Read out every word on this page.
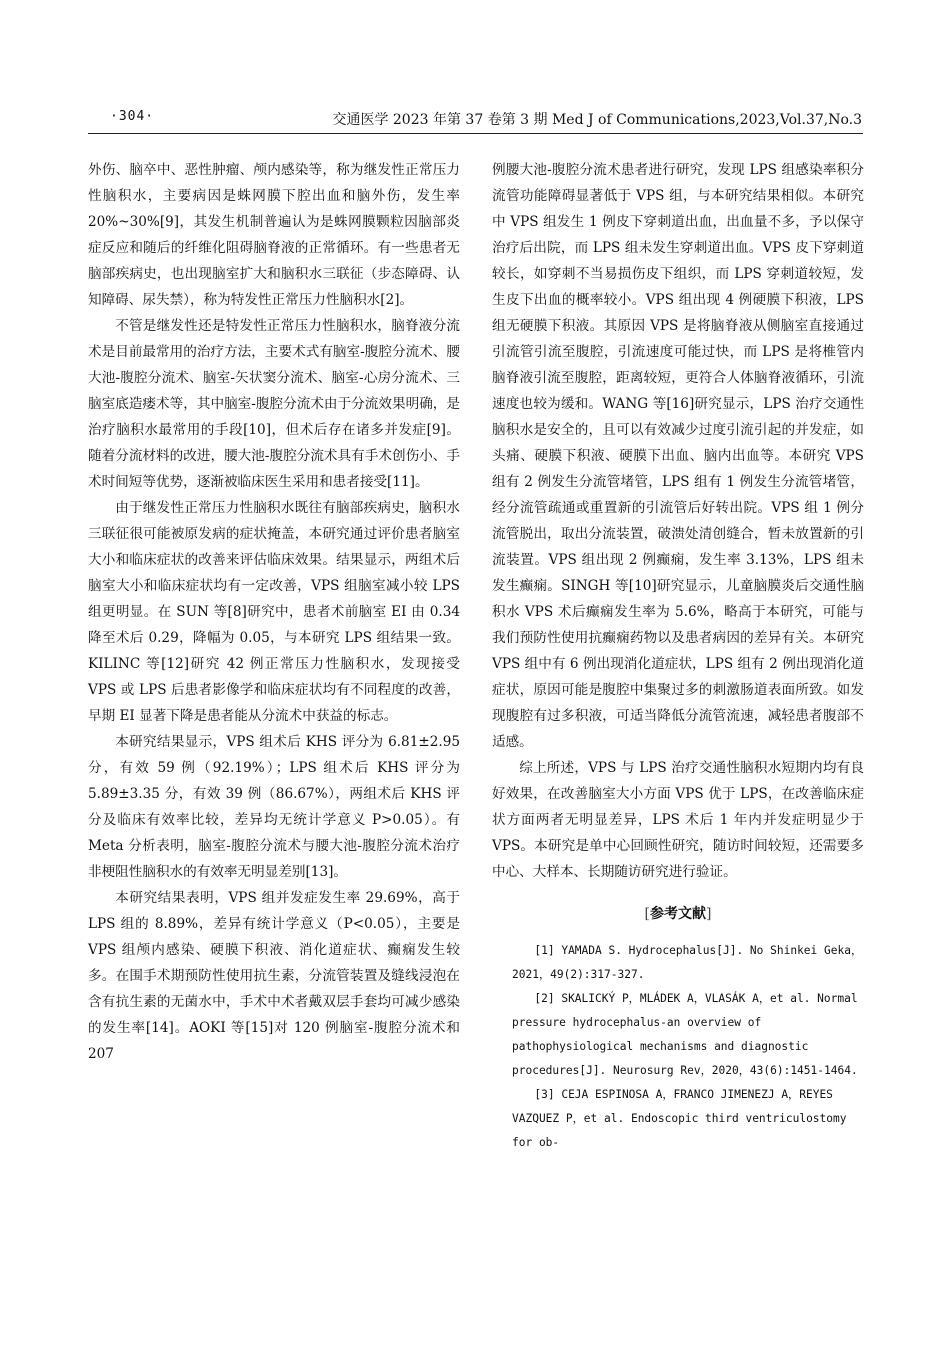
·304·	交通医学 2023 年第 37 卷第 3 期 Med J of Communications,2023,Vol.37,No.3

外伤、脑卒中、恶性肿瘤、颅内感染等，称为继发性正常压力性脑积水，主要病因是蛛网膜下腔出血和脑外伤，发生率 20%~30%[9]，其发生机制普遍认为是蛛网膜颗粒因脑部炎症反应和随后的纤维化阻碍脑脊液的正常循环。有一些患者无脑部疾病史，也出现脑室扩大和脑积水三联征（步态障碍、认知障碍、尿失禁），称为特发性正常压力性脑积水[2]。

不管是继发性还是特发性正常压力性脑积水，脑脊液分流术是目前最常用的治疗方法，主要术式有脑室-腹腔分流术、腰大池-腹腔分流术、脑室-矢状窦分流术、脑室-心房分流术、三脑室底造瘘术等，其中脑室-腹腔分流术由于分流效果明确，是治疗脑积水最常用的手段[10]，但术后存在诸多并发症[9]。随着分流材料的改进，腰大池-腹腔分流术具有手术创伤小、手术时间短等优势，逐渐被临床医生采用和患者接受[11]。

由于继发性正常压力性脑积水既往有脑部疾病史，脑积水三联征很可能被原发病的症状掩盖，本研究通过评价患者脑室大小和临床症状的改善来评估临床效果。结果显示，两组术后脑室大小和临床症状均有一定改善，VPS 组脑室减小较 LPS 组更明显。在 SUN 等[8]研究中，患者术前脑室 EI 由 0.34 降至术后 0.29，降幅为 0.05，与本研究 LPS 组结果一致。KILINC 等[12]研究 42 例正常压力性脑积水，发现接受 VPS 或 LPS 后患者影像学和临床症状均有不同程度的改善，早期 EI 显著下降是患者能从分流术中获益的标志。

本研究结果显示，VPS 组术后 KHS 评分为 6.81±2.95 分，有效 59 例（92.19%）；LPS 组术后 KHS 评分为 5.89±3.35 分，有效 39 例（86.67%），两组术后 KHS 评分及临床有效率比较，差异均无统计学意义 P>0.05）。有 Meta 分析表明，脑室-腹腔分流术与腰大池-腹腔分流术治疗非梗阻性脑积水的有效率无明显差别[13]。

本研究结果表明，VPS 组并发症发生率 29.69%，高于 LPS 组的 8.89%，差异有统计学意义（P<0.05），主要是 VPS 组颅内感染、硬膜下积液、消化道症状、癫痫发生较多。在围手术期预防性使用抗生素，分流管装置及缝线浸泡在含有抗生素的无菌水中，手术中术者戴双层手套均可减少感染的发生率[14]。AOKI 等[15]对 120 例脑室-腹腔分流术和 207

例腰大池-腹腔分流术患者进行研究，发现 LPS 组感染率积分流管功能障碍显著低于 VPS 组，与本研究结果相似。本研究中 VPS 组发生 1 例皮下穿刺道出血，出血量不多，予以保守治疗后出院，而 LPS 组未发生穿刺道出血。VPS 皮下穿刺道较长，如穿刺不当易损伤皮下组织，而 LPS 穿刺道较短，发生皮下出血的概率较小。VPS 组出现 4 例硬膜下积液，LPS 组无硬膜下积液。其原因 VPS 是将脑脊液从侧脑室直接通过引流管引流至腹腔，引流速度可能过快，而 LPS 是将椎管内脑脊液引流至腹腔，距离较短，更符合人体脑脊液循环，引流速度也较为缓和。WANG 等[16]研究显示，LPS 治疗交通性脑积水是安全的，且可以有效减少过度引流引起的并发症，如头痛、硬膜下积液、硬膜下出血、脑内出血等。本研究 VPS 组有 2 例发生分流管堵管，LPS 组有 1 例发生分流管堵管，经分流管疏通或重置新的引流管后好转出院。VPS 组 1 例分流管脱出，取出分流装置，破溃处清创缝合，暂未放置新的引流装置。VPS 组出现 2 例癫痫，发生率 3.13%，LPS 组未发生癫痫。SINGH 等[10]研究显示，儿童脑膜炎后交通性脑积水 VPS 术后癫痫发生率为 5.6%，略高于本研究，可能与我们预防性使用抗癫痫药物以及患者病因的差异有关。本研究 VPS 组中有 6 例出现消化道症状，LPS 组有 2 例出现消化道症状，原因可能是腹腔中集聚过多的刺激肠道表面所致。如发现腹腔有过多积液，可适当降低分流管流速，减轻患者腹部不适感。

综上所述，VPS 与 LPS 治疗交通性脑积水短期内均有良好效果，在改善脑室大小方面 VPS 优于 LPS，在改善临床症状方面两者无明显差异，LPS 术后 1 年内并发症明显少于 VPS。本研究是单中心回顾性研究，随访时间较短，还需要多中心、大样本、长期随访研究进行验证。

[参考文献]

[1] YAMADA S. Hydrocephalus[J]. No Shinkei Geka，2021，49(2):317-327.

[2] SKALICKÝ P，MLÁDEK A，VLASÁK A，et al. Normal pressure hydrocephalus-an overview of pathophysiological mechanisms and diagnostic procedures[J]. Neurosurg Rev，2020，43(6):1451-1464.

[3] CEJA ESPINOSA A，FRANCO JIMENEZJ A，REYES VAZQUEZ P，et al. Endoscopic third ventriculostomy for ob-
